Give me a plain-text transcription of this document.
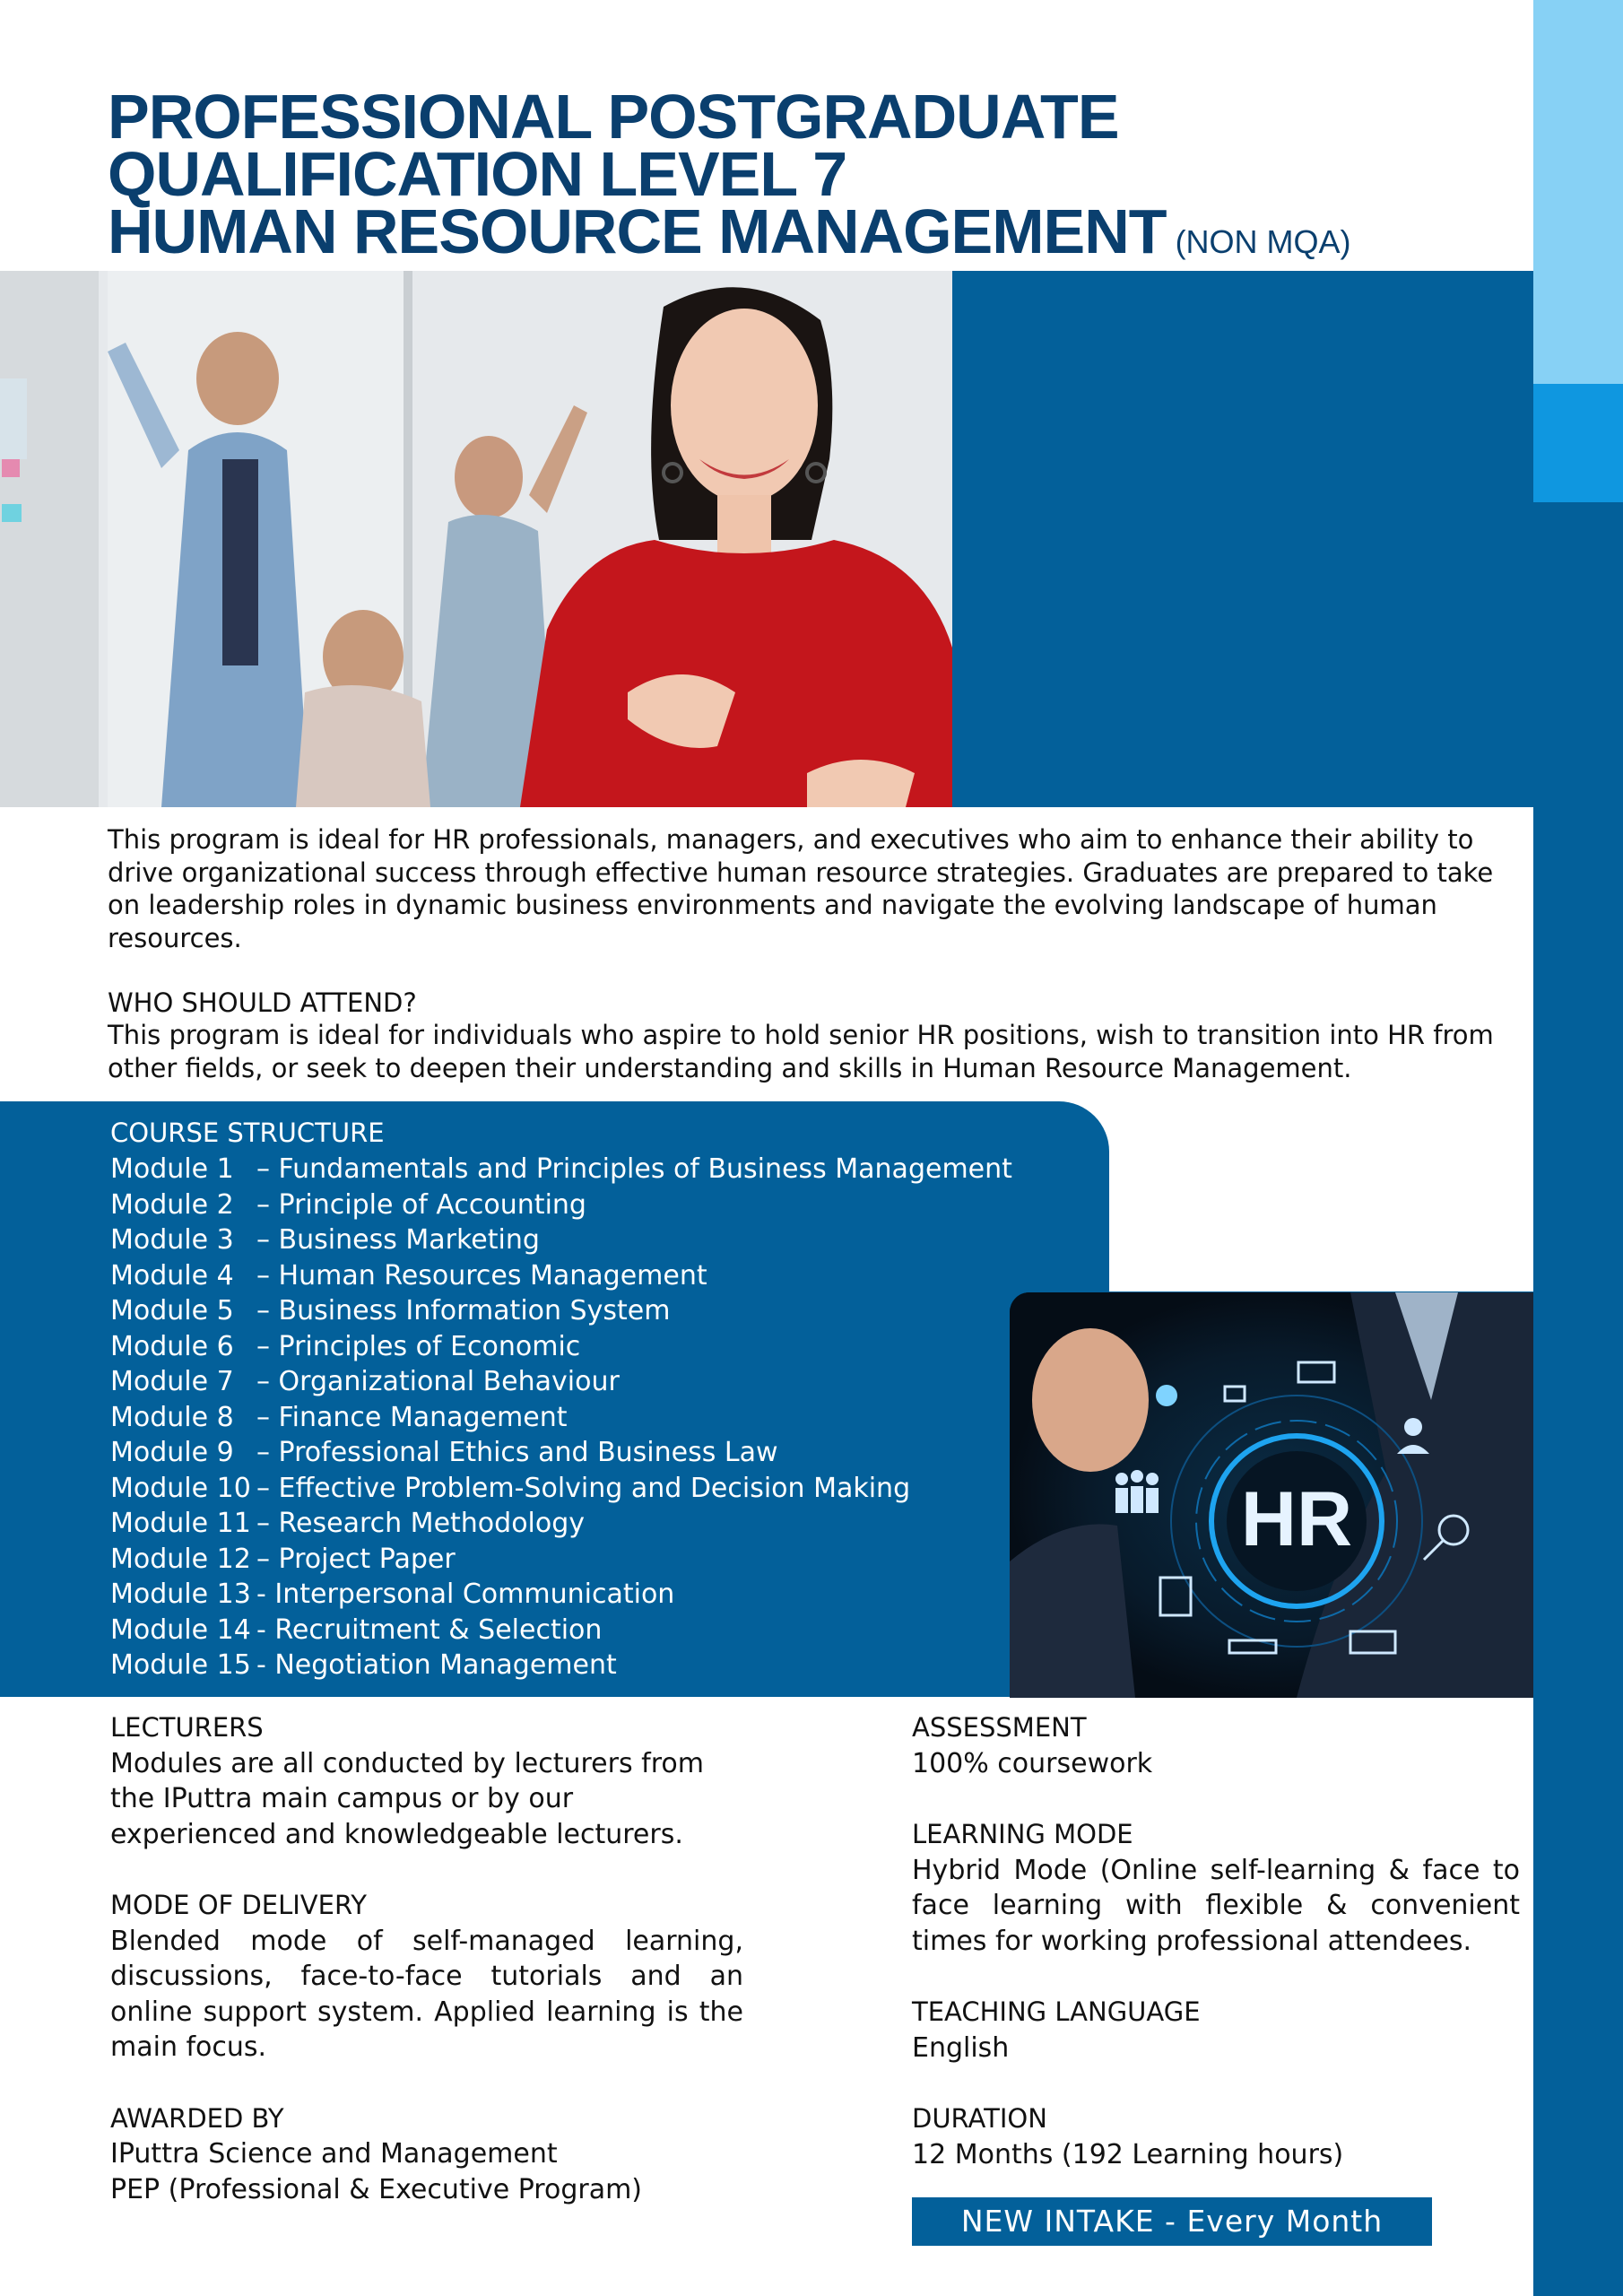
PROFESSIONAL POSTGRADUATE
QUALIFICATION LEVEL 7
HUMAN RESOURCE MANAGEMENT (NON MQA)
This program is ideal for HR professionals, managers, and executives who aim to enhance their ability to drive organizational success through effective human resource strategies. Graduates are prepared to take on leadership roles in dynamic business environments and navigate the evolving landscape of human resources.
WHO SHOULD ATTEND?
This program is ideal for individuals who aspire to hold senior HR positions, wish to transition into HR from other fields, or seek to deepen their understanding and skills in Human Resource Management.
COURSE STRUCTURE
Module 1 – Fundamentals and Principles of Business Management
Module 2 – Principle of Accounting
Module 3 – Business Marketing
Module 4 – Human Resources Management
Module 5 – Business Information System
Module 6 – Principles of Economic
Module 7 – Organizational Behaviour
Module 8 – Finance Management
Module 9 – Professional Ethics and Business Law
Module 10 – Effective Problem-Solving and Decision Making
Module 11 – Research Methodology
Module 12 – Project Paper
Module 13 - Interpersonal Communication
Module 14 - Recruitment & Selection
Module 15 - Negotiation Management
HR
LECTURERS
Modules are all conducted by lecturers from the IPuttra main campus or by our experienced and knowledgeable lecturers.
MODE OF DELIVERY
Blended mode of self-managed learning, discussions, face-to-face tutorials and an online support system. Applied learning is the main focus.
AWARDED BY
IPuttra Science and Management
PEP (Professional & Executive Program)
ASSESSMENT
100% coursework
LEARNING MODE
Hybrid Mode (Online self-learning & face to face learning with flexible & convenient times for working professional attendees.
TEACHING LANGUAGE
English
DURATION
12 Months (192 Learning hours)
NEW INTAKE - Every Month
